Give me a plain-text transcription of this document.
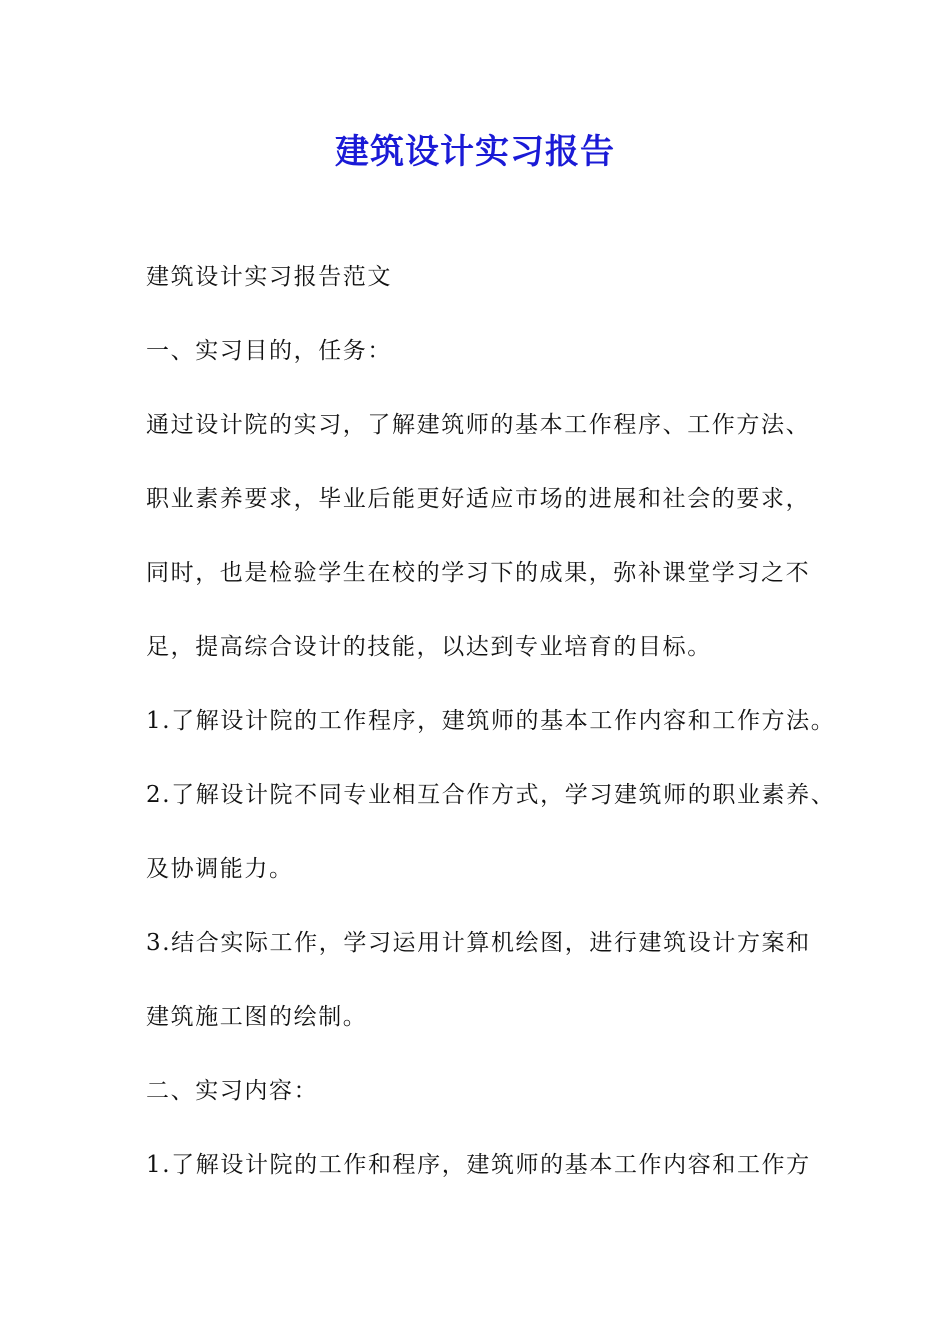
建筑设计实习报告
建筑设计实习报告范文
一、实习目的，任务：
通过设计院的实习，了解建筑师的基本工作程序、工作方法、
职业素养要求，毕业后能更好适应市场的进展和社会的要求，
同时，也是检验学生在校的学习下的成果，弥补课堂学习之不
足，提高综合设计的技能，以达到专业培育的目标。
1.了解设计院的工作程序，建筑师的基本工作内容和工作方法。
2.了解设计院不同专业相互合作方式，学习建筑师的职业素养、
及协调能力。
3.结合实际工作，学习运用计算机绘图，进行建筑设计方案和
建筑施工图的绘制。
二、实习内容：
1.了解设计院的工作和程序，建筑师的基本工作内容和工作方
